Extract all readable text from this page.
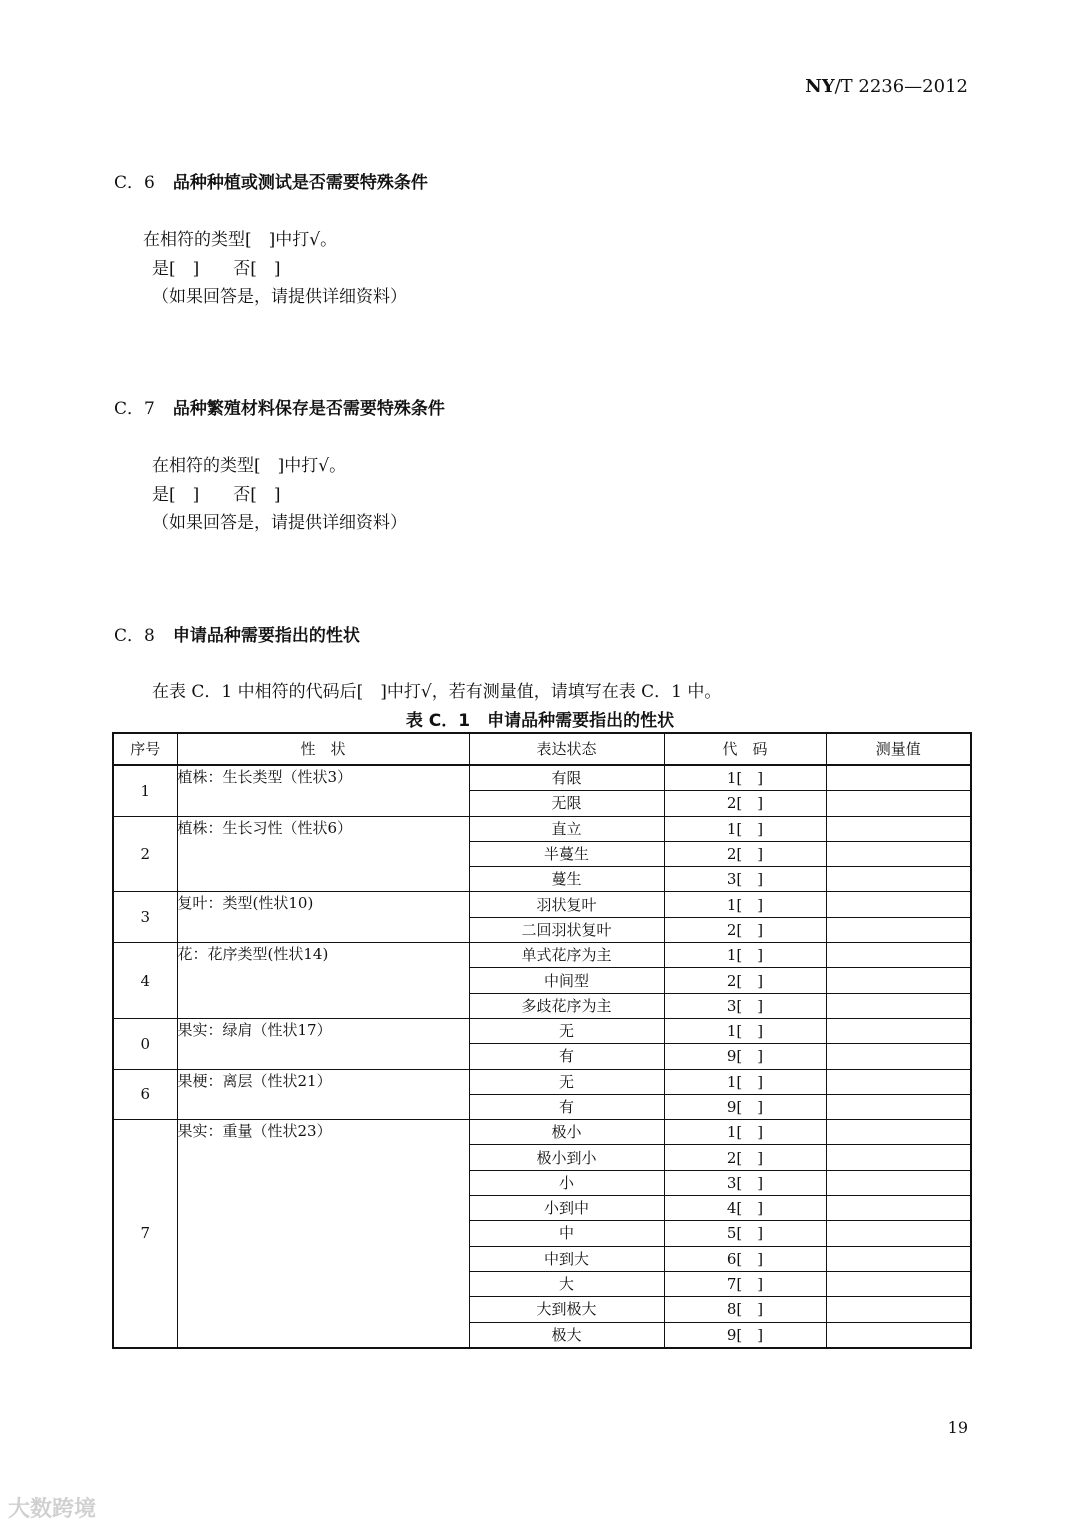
NY/T 2236—2012
C．6 品种种植或测试是否需要特殊条件
在相符的类型[　]中打√。
是[　]　　否[　]
（如果回答是，请提供详细资料）
C．7 品种繁殖材料保存是否需要特殊条件
在相符的类型[　]中打√。
是[　]　　否[　]
（如果回答是，请提供详细资料）
C．8 申请品种需要指出的性状
在表 C．1 中相符的代码后[　]中打√，若有测量值，请填写在表 C．1 中。
表 C．1　申请品种需要指出的性状
序号	性　状	表达状态	代　码	测量值
1	植株：生长类型（性状3）	有限	1[　]	
		无限	2[　]	
2	植株：生长习性（性状6）	直立	1[　]	
		半蔓生	2[　]	
		蔓生	3[　]	
3	复叶：类型(性状10)	羽状复叶	1[　]	
		二回羽状复叶	2[　]	
4	花：花序类型(性状14)	单式花序为主	1[　]	
		中间型	2[　]	
		多歧花序为主	3[　]	
0	果实：绿肩（性状17）	无	1[　]	
		有	9[　]	
6	果梗：离层（性状21）	无	1[　]	
		有	9[　]	
7	果实：重量（性状23）	极小	1[　]	
		极小到小	2[　]	
		小	3[　]	
		小到中	4[　]	
		中	5[　]	
		中到大	6[　]	
		大	7[　]	
		大到极大	8[　]	
		极大	9[　]	
19
大数跨境
